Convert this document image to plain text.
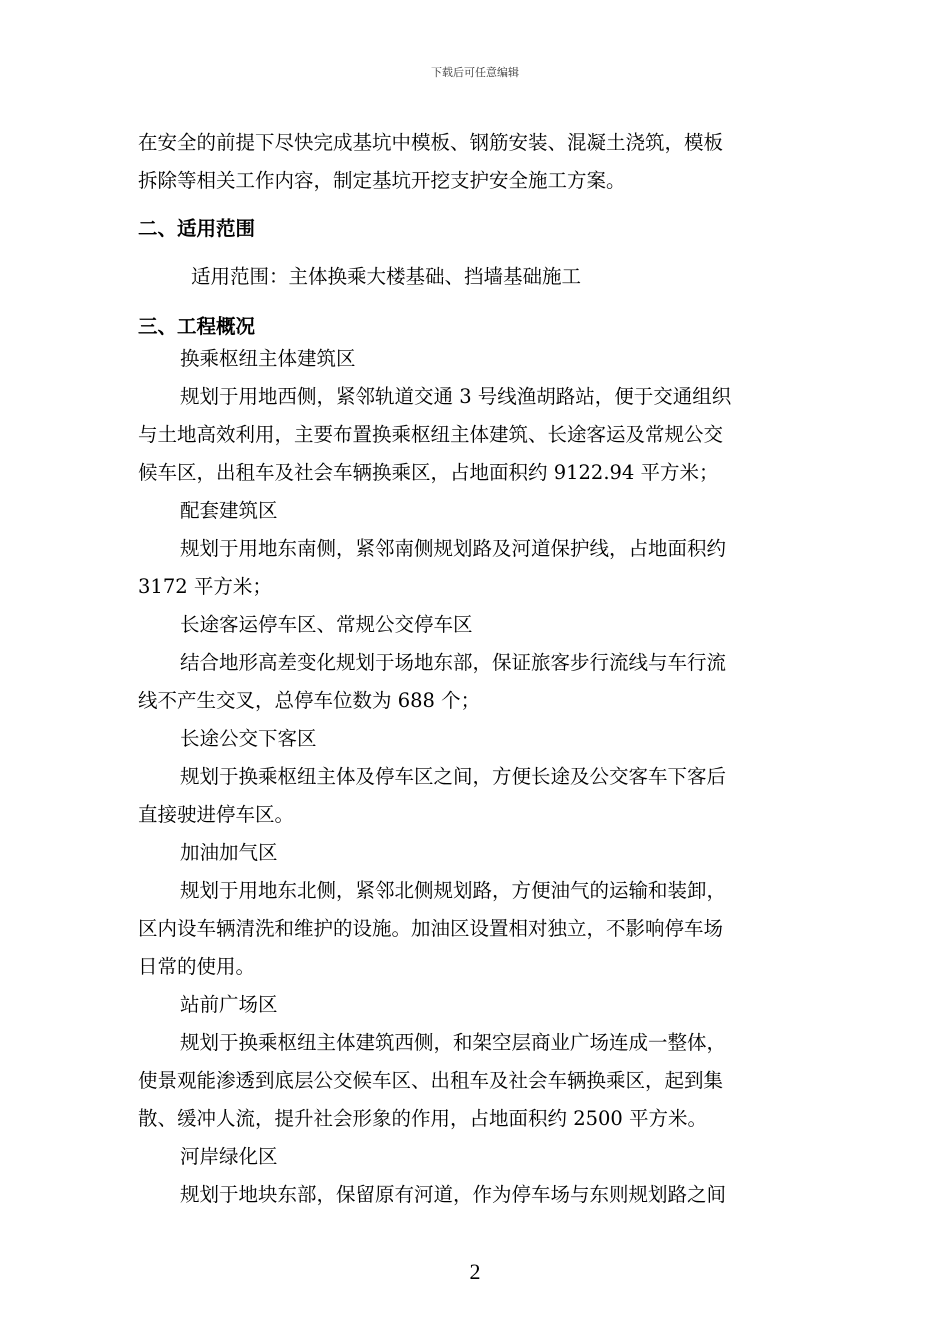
下载后可任意编辑

在安全的前提下尽快完成基坑中模板、钢筋安装、混凝土浇筑，模板

拆除等相关工作内容，制定基坑开挖支护安全施工方案。

二、适用范围

适用范围：主体换乘大楼基础、挡墙基础施工

三、工程概况

换乘枢纽主体建筑区

规划于用地西侧，紧邻轨道交通 3 号线渔胡路站，便于交通组织

与土地高效利用，主要布置换乘枢纽主体建筑、长途客运及常规公交

候车区，出租车及社会车辆换乘区，占地面积约 9122.94 平方米；

配套建筑区

规划于用地东南侧，紧邻南侧规划路及河道保护线，占地面积约

3172 平方米；

长途客运停车区、常规公交停车区

结合地形高差变化规划于场地东部，保证旅客步行流线与车行流

线不产生交叉，总停车位数为 688 个；

长途公交下客区

规划于换乘枢纽主体及停车区之间，方便长途及公交客车下客后

直接驶进停车区。

加油加气区

规划于用地东北侧，紧邻北侧规划路，方便油气的运输和装卸，

区内设车辆清洗和维护的设施。加油区设置相对独立，不影响停车场

日常的使用。

站前广场区

规划于换乘枢纽主体建筑西侧，和架空层商业广场连成一整体，

使景观能渗透到底层公交候车区、出租车及社会车辆换乘区，起到集

散、缓冲人流，提升社会形象的作用，占地面积约 2500 平方米。

河岸绿化区

规划于地块东部，保留原有河道，作为停车场与东则规划路之间

2
